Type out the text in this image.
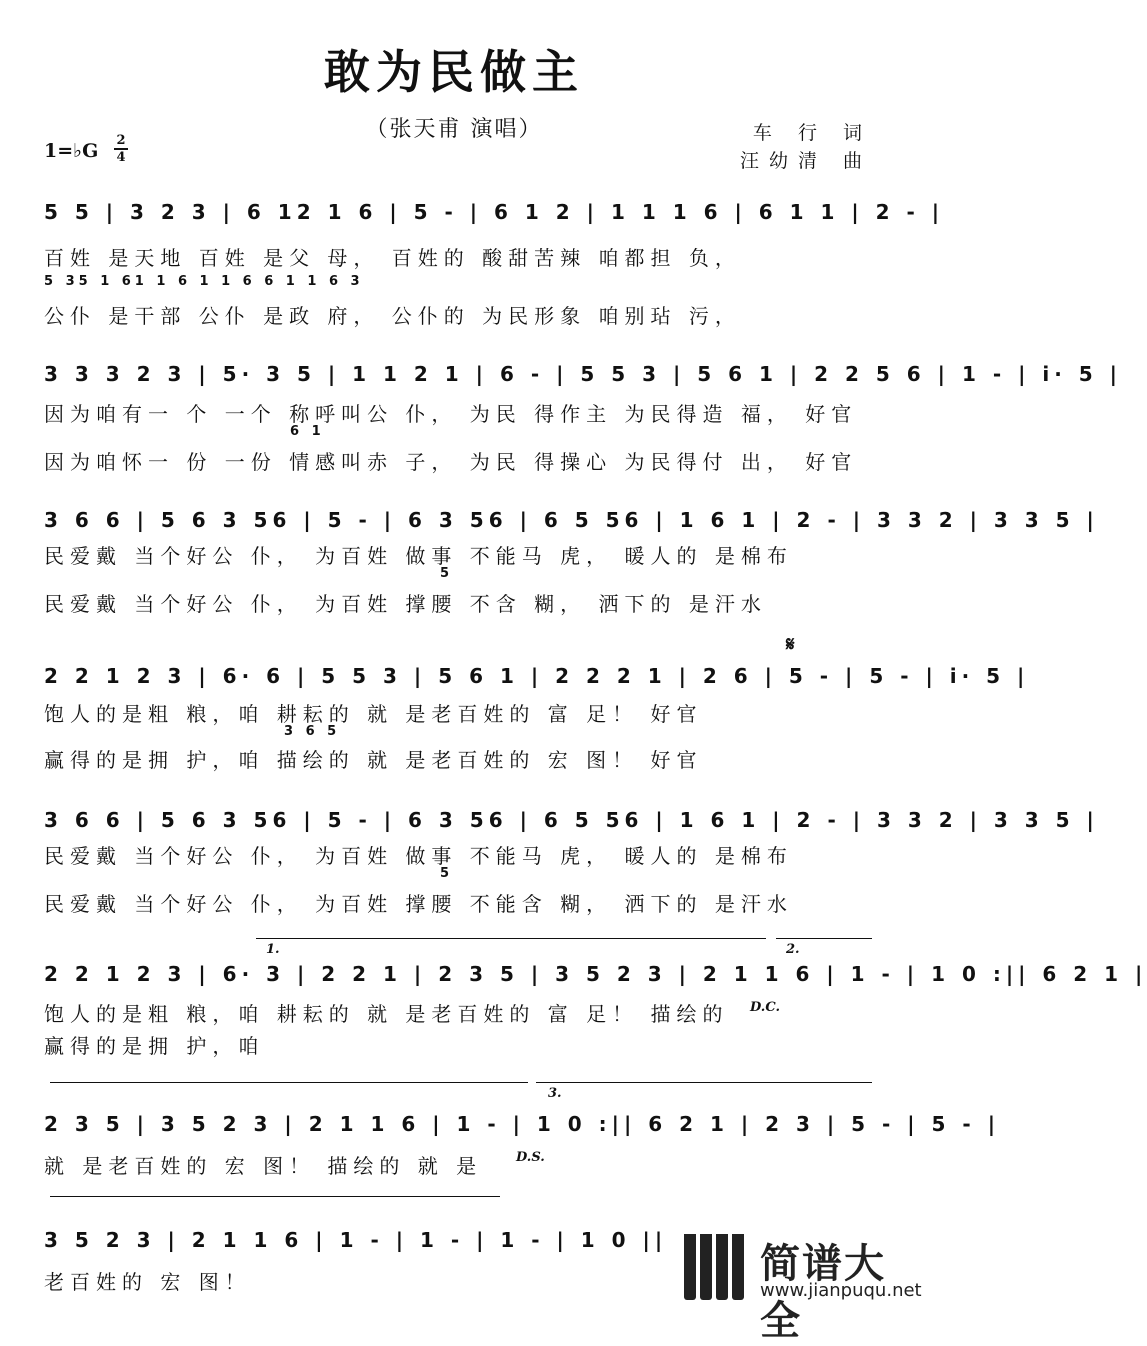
敢为民做主
（张天甫 演唱）	车 行 词
汪幼清 曲
1=♭G 2
4
5 5 | 3 2 3 | 6 12 1 6 | 5 - | 6 1 2 | 1 1 1 6 | 6 1 1 | 2 - |
百姓 是天地 百姓 是父 母， 百姓的 酸甜苦辣 咱都担 负，
5 35 1 61 1 6 1 1 6 6 1 1 6 3
公仆 是干部 公仆 是政 府， 公仆的 为民形象 咱别玷 污，
3 3 3 2 3 | 5· 3 5 | 1 1 2 1 | 6 - | 5 5 3 | 5 6 1 | 2 2 5 6 | 1 - | i· 5 |
因为咱有一 个 一个 称呼叫公 仆， 为民 得作主 为民得造 福， 好官
6 1
因为咱怀一 份 一份 情感叫赤 子， 为民 得操心 为民得付 出， 好官
3 6 6 | 5 6 3 56 | 5 - | 6 3 56 | 6 5 56 | 1 6 1 | 2 - | 3 3 2 | 3 3 5 |
民爱戴 当个好公 仆， 为百姓 做事 不能马 虎， 暖人的 是棉布
5
民爱戴 当个好公 仆， 为百姓 撑腰 不含 糊， 洒下的 是汗水
𝄋
2 2 1 2 3 | 6· 6 | 5 5 3 | 5 6 1 | 2 2 2 1 | 2 6 | 5 - | 5 - | i· 5 |
饱人的是粗 粮，咱 耕耘的 就 是老百姓的 富 足！ 好官
3 6 5
赢得的是拥 护，咱 描绘的 就 是老百姓的 宏 图！ 好官
3 6 6 | 5 6 3 56 | 5 - | 6 3 56 | 6 5 56 | 1 6 1 | 2 - | 3 3 2 | 3 3 5 |
民爱戴 当个好公 仆， 为百姓 做事 不能马 虎， 暖人的 是棉布
5
民爱戴 当个好公 仆， 为百姓 撑腰 不能含 糊， 洒下的 是汗水
1.	2.
2 2 1 2 3 | 6· 3 | 2 2 1 | 2 3 5 | 3 5 2 3 | 2 1 1 6 | 1 - | 1 0 :|| 6 2 1 |
饱人的是粗 粮，咱 耕耘的 就 是老百姓的 富 足！ 描绘的
赢得的是拥 护，咱
D.C.
3.
2 3 5 | 3 5 2 3 | 2 1 1 6 | 1 - | 1 0 :|| 6 2 1 | 2 3 | 5 - | 5 - |
就 是老百姓的 宏 图！ 描绘的 就 是	D.S.
3 5 2 3 | 2 1 1 6 | 1 - | 1 - | 1 - | 1 0 ||
老百姓的 宏 图！	简谱大全
www.jianpuqu.net
